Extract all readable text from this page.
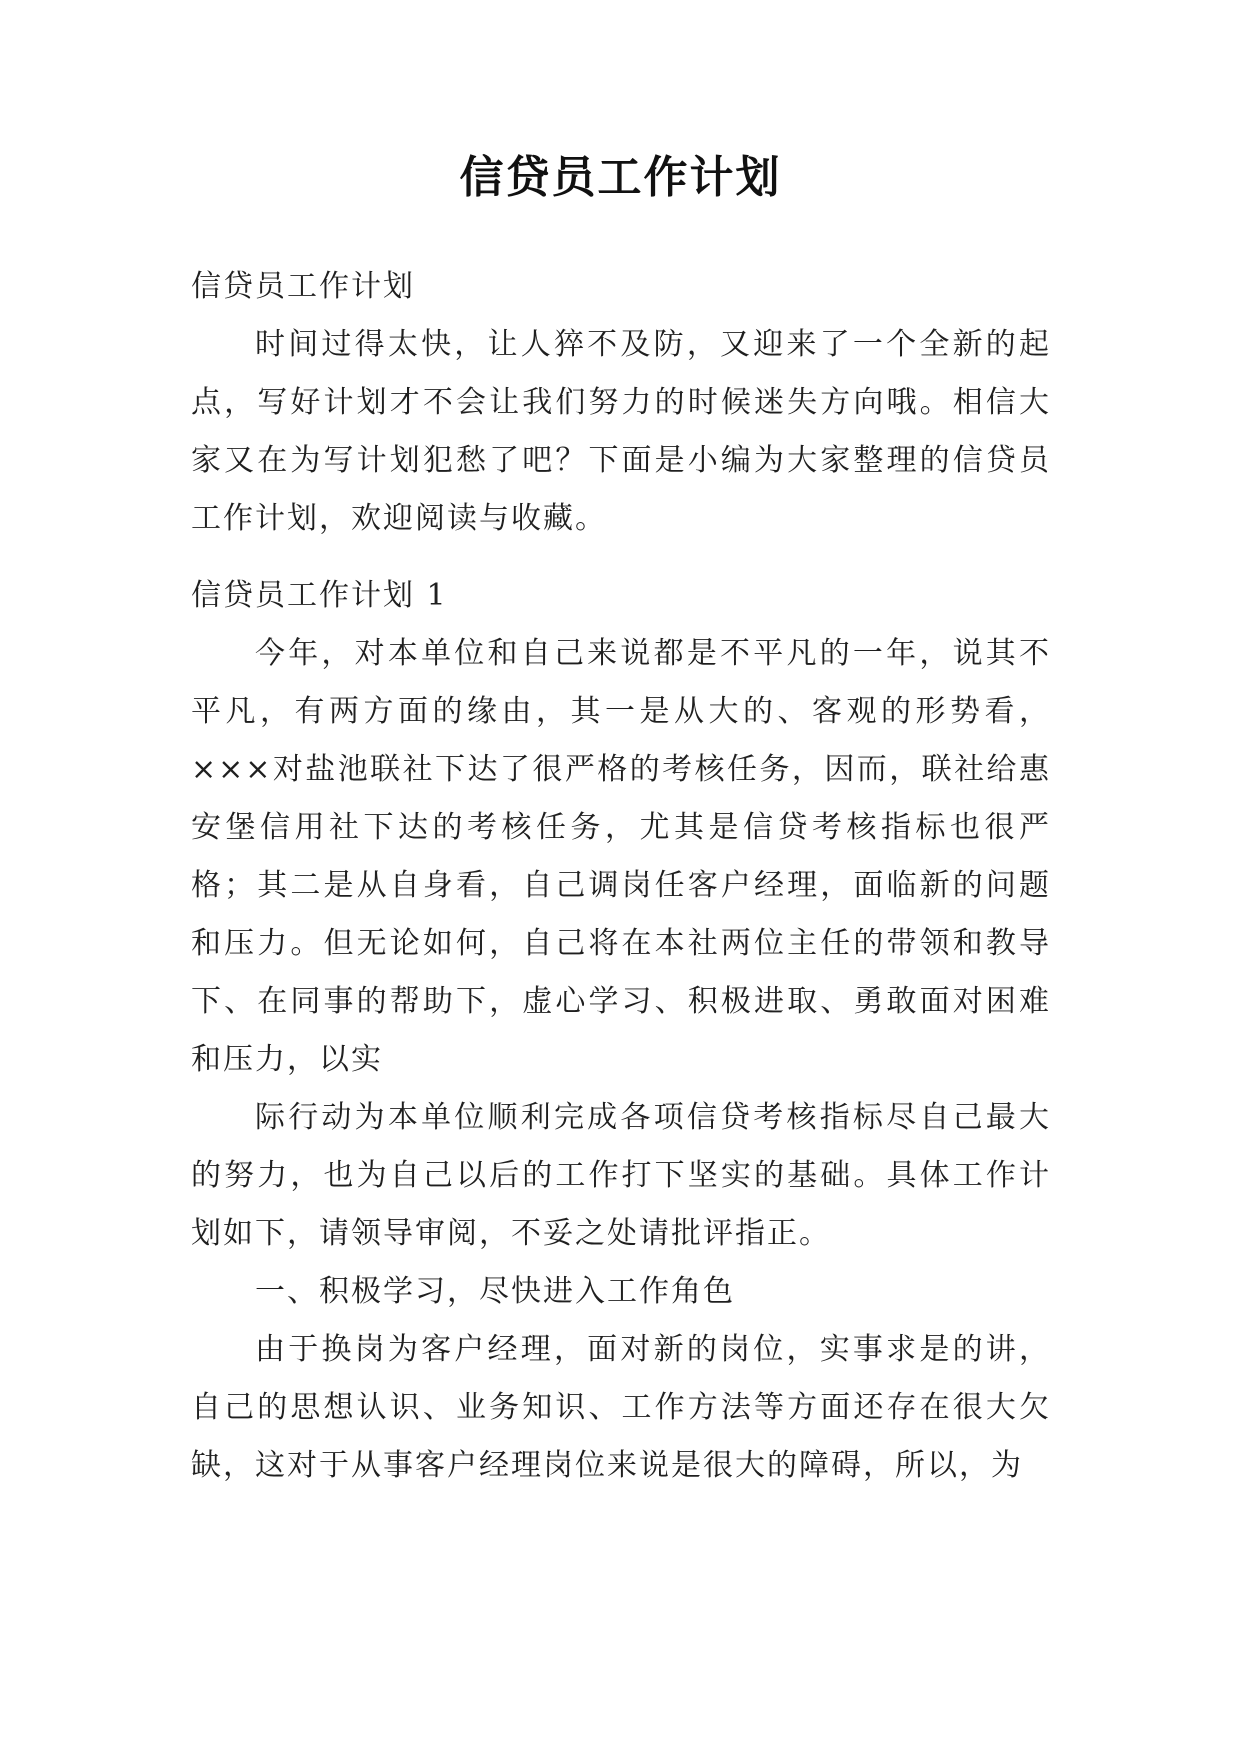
信贷员工作计划

信贷员工作计划

时间过得太快，让人猝不及防，又迎来了一个全新的起点，写好计划才不会让我们努力的时候迷失方向哦。相信大家又在为写计划犯愁了吧？下面是小编为大家整理的信贷员工作计划，欢迎阅读与收藏。

信贷员工作计划 1

今年，对本单位和自己来说都是不平凡的一年，说其不平凡，有两方面的缘由，其一是从大的、客观的形势看，×××对盐池联社下达了很严格的考核任务，因而，联社给惠安堡信用社下达的考核任务，尤其是信贷考核指标也很严格；其二是从自身看，自己调岗任客户经理，面临新的问题和压力。但无论如何，自己将在本社两位主任的带领和教导下、在同事的帮助下，虚心学习、积极进取、勇敢面对困难和压力，以实

际行动为本单位顺利完成各项信贷考核指标尽自己最大的努力，也为自己以后的工作打下坚实的基础。具体工作计划如下，请领导审阅，不妥之处请批评指正。

一、积极学习，尽快进入工作角色

由于换岗为客户经理，面对新的岗位，实事求是的讲，自己的思想认识、业务知识、工作方法等方面还存在很大欠缺，这对于从事客户经理岗位来说是很大的障碍，所以，为
